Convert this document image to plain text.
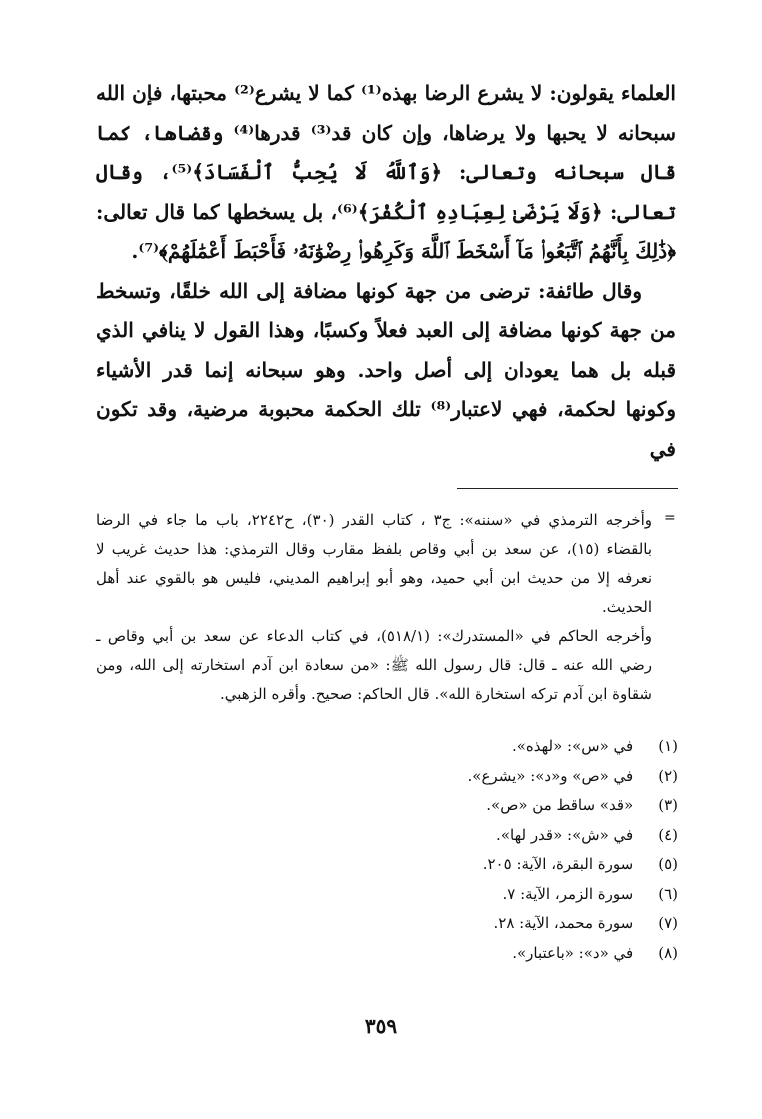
العلماء يقولون: لا يشرع الرضا بهذه⁽¹⁾ كما لا يشرع⁽²⁾ محبتها، فإن الله سبحانه لا يحبها ولا يرضاها، وإن كان قد⁽³⁾ قدرها⁽⁴⁾ وقضاها، كما قال سبحانه وتعالى: ﴿وَٱللَّهُ لَا يُحِبُّ ٱلْفَسَادَ﴾⁽⁵⁾، وقال تعالى: ﴿وَلَا يَرْضَىٰ لِعِبَادِهِ ٱلْكُفْرَ﴾⁽⁶⁾، بل يسخطها كما قال تعالى: ﴿ذَٰلِكَ بِأَنَّهُمُ ٱتَّبَعُوا۟ مَآ أَسْخَطَ ٱللَّهَ وَكَرِهُوا۟ رِضْوَٰنَهُۥ فَأَحْبَطَ أَعْمَٰلَهُمْ﴾⁽⁷⁾.

وقال طائفة: ترضى من جهة كونها مضافة إلى الله خلقًا، وتسخط من جهة كونها مضافة إلى العبد فعلاً وكسبًا، وهذا القول لا ينافي الذي قبله بل هما يعودان إلى أصل واحد. وهو سبحانه إنما قدر الأشياء وكونها لحكمة، فهي لاعتبار⁽⁸⁾ تلك الحكمة محبوبة مرضية، وقد تكون في

=

وأخرجه الترمذي في «سننه»: ج٣ ، كتاب القدر (٣٠)، ح٢٢٤٢، باب ما جاء في الرضا بالقضاء (١٥)، عن سعد بن أبي وقاص بلفظ مقارب وقال الترمذي: هذا حديث غريب لا نعرفه إلا من حديث ابن أبي حميد، وهو أبو إبراهيم المديني، فليس هو بالقوي عند أهل الحديث.

وأخرجه الحاكم في «المستدرك»: (٥١٨/١)، في كتاب الدعاء عن سعد بن أبي وقاص ـ رضي الله عنه ـ قال: قال رسول الله ﷺ: «من سعادة ابن آدم استخارته إلى الله، ومن شقاوة ابن آدم تركه استخارة الله». قال الحاكم: صحيح. وأقره الزهبي.

(١) في «س»: «لهذه».
(٢) في «ص» و«د»: «يشرع».
(٣) «قد» ساقط من «ص».
(٤) في «ش»: «قدر لها».
(٥) سورة البقرة، الآية: ٢٠٥.
(٦) سورة الزمر، الآية: ٧.
(٧) سورة محمد، الآية: ٢٨.
(٨) في «د»: «باعتبار».
٣٥٩
